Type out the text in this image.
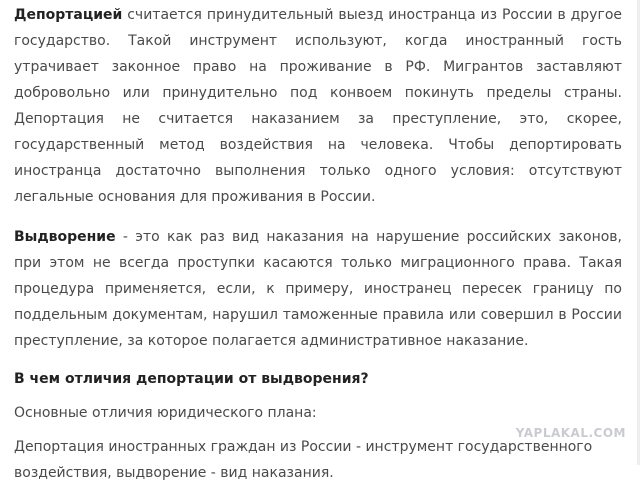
Депортацией считается принудительный выезд иностранца из России в другое государство. Такой инструмент используют, когда иностранный гость утрачивает законное право на проживание в РФ. Мигрантов заставляют добровольно или принудительно под конвоем покинуть пределы страны. Депортация не считается наказанием за преступление, это, скорее, государственный метод воздействия на человека. Чтобы депортировать иностранца достаточно выполнения только одного условия: отсутствуют легальные основания для проживания в России.

Выдворение - это как раз вид наказания на нарушение российских законов, при этом не всегда проступки касаются только миграционного права. Такая процедура применяется, если, к примеру, иностранец пересек границу по поддельным документам, нарушил таможенные правила или совершил в России преступление, за которое полагается административное наказание.

В чем отличия депортации от выдворения?

Основные отличия юридического плана:

Депортация иностранных граждан из России - инструмент государственного воздействия, выдворение - вид наказания.

YAPLAKAL.COM
